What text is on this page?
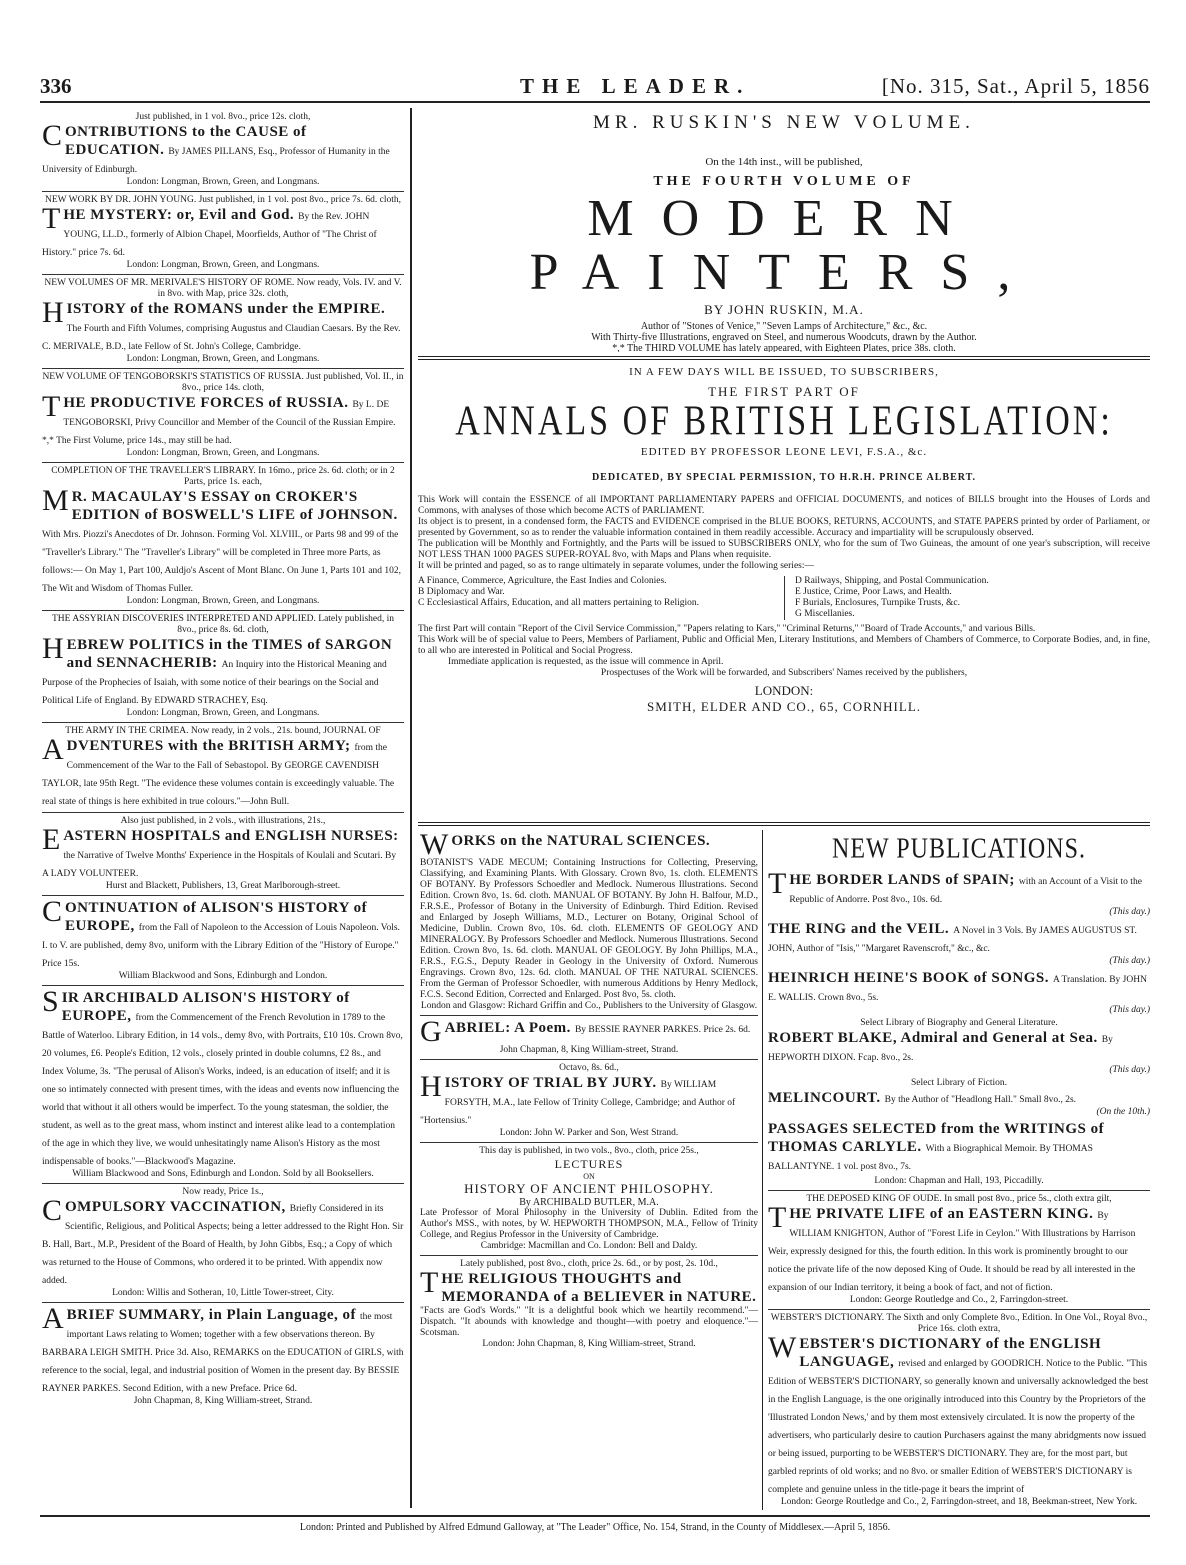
336	THE LEADER.	[No. 315, Sat., April 5, 1856

Just published, in 1 vol. 8vo., price 12s. cloth,

C ONTRIBUTIONS to the CAUSE of EDUCATION. By JAMES PILLANS, Esq., Professor of Humanity in the University of Edinburgh.

London: Longman, Brown, Green, and Longmans.

NEW WORK BY DR. JOHN YOUNG. Just published, in 1 vol. post 8vo., price 7s. 6d. cloth,

T HE MYSTERY: or, Evil and God. By the Rev. JOHN YOUNG, LL.D., formerly of Albion Chapel, Moorfields, Author of "The Christ of History." price 7s. 6d.

London: Longman, Brown, Green, and Longmans.

NEW VOLUMES OF MR. MERIVALE'S HISTORY OF ROME. Now ready, Vols. IV. and V. in 8vo. with Map, price 32s. cloth,

H ISTORY of the ROMANS under the EMPIRE. The Fourth and Fifth Volumes, comprising Augustus and Claudian Caesars. By the Rev. C. MERIVALE, B.D., late Fellow of St. John's College, Cambridge.

London: Longman, Brown, Green, and Longmans.

NEW VOLUME OF TENGOBORSKI'S STATISTICS OF RUSSIA. Just published, Vol. II., in 8vo., price 14s. cloth,

T HE PRODUCTIVE FORCES of RUSSIA. By L. DE TENGOBORSKI, Privy Councillor and Member of the Council of the Russian Empire. *,* The First Volume, price 14s., may still be had.

London: Longman, Brown, Green, and Longmans.

COMPLETION OF THE TRAVELLER'S LIBRARY. In 16mo., price 2s. 6d. cloth; or in 2 Parts, price 1s. each,

M R. MACAULAY'S ESSAY on CROKER'S EDITION of BOSWELL'S LIFE of JOHNSON. With Mrs. Piozzi's Anecdotes of Dr. Johnson. Forming Vol. XLVIII., or Parts 98 and 99 of the "Traveller's Library." The "Traveller's Library" will be completed in Three more Parts, as follows:— On May 1, Part 100, Auldjo's Ascent of Mont Blanc. On June 1, Parts 101 and 102, The Wit and Wisdom of Thomas Fuller.

London: Longman, Brown, Green, and Longmans.

THE ASSYRIAN DISCOVERIES INTERPRETED AND APPLIED. Lately published, in 8vo., price 8s. 6d. cloth,

H EBREW POLITICS in the TIMES of SARGON and SENNACHERIB: An Inquiry into the Historical Meaning and Purpose of the Prophecies of Isaiah, with some notice of their bearings on the Social and Political Life of England. By EDWARD STRACHEY, Esq.

London: Longman, Brown, Green, and Longmans.

THE ARMY IN THE CRIMEA. Now ready, in 2 vols., 21s. bound, JOURNAL OF

A DVENTURES with the BRITISH ARMY; from the Commencement of the War to the Fall of Sebastopol. By GEORGE CAVENDISH TAYLOR, late 95th Regt. "The evidence these volumes contain is exceedingly valuable. The real state of things is here exhibited in true colours."—John Bull.

Also just published, in 2 vols., with illustrations, 21s.,

E ASTERN HOSPITALS and ENGLISH NURSES: the Narrative of Twelve Months' Experience in the Hospitals of Koulali and Scutari. By A LADY VOLUNTEER.

Hurst and Blackett, Publishers, 13, Great Marlborough-street.

CONTINUATION of ALISON'S HISTORY of EUROPE, from the Fall of Napoleon to the Accession of Louis Napoleon. Vols. I. to V. are published, demy 8vo, uniform with the Library Edition of the "History of Europe." Price 15s.

William Blackwood and Sons, Edinburgh and London.

SIR ARCHIBALD ALISON'S HISTORY of EUROPE, from the Commencement of the French Revolution in 1789 to the Battle of Waterloo. Library Edition, in 14 vols., demy 8vo, with Portraits, £10 10s. Crown 8vo, 20 volumes, £6. People's Edition, 12 vols., closely printed in double columns, £2 8s., and Index Volume, 3s. "The perusal of Alison's Works, indeed, is an education of itself; and it is one so intimately connected with present times, with the ideas and events now influencing the world that without it all others would be imperfect. To the young statesman, the soldier, the student, as well as to the great mass, whom instinct and interest alike lead to a contemplation of the age in which they live, we would unhesitatingly name Alison's History as the most indispensable of books."—Blackwood's Magazine.

William Blackwood and Sons, Edinburgh and London. Sold by all Booksellers.

Now ready, Price 1s.,

C OMPULSORY VACCINATION, Briefly Considered in its Scientific, Religious, and Political Aspects; being a letter addressed to the Right Hon. Sir B. Hall, Bart., M.P., President of the Board of Health, by John Gibbs, Esq.; a Copy of which was returned to the House of Commons, who ordered it to be printed. With appendix now added.

London: Willis and Sotheran, 10, Little Tower-street, City.

ABRIEF SUMMARY, in Plain Language, of the most important Laws relating to Women; together with a few observations thereon. By BARBARA LEIGH SMITH. Price 3d. Also, REMARKS on the EDUCATION of GIRLS, with reference to the social, legal, and industrial position of Women in the present day. By BESSIE RAYNER PARKES. Second Edition, with a new Preface. Price 6d.

John Chapman, 8, King William-street, Strand.

MR. RUSKIN'S NEW VOLUME.
On the 14th inst., will be published,
THE FOURTH VOLUME OF
MODERN PAINTERS,
BY JOHN RUSKIN, M.A.
Author of "Stones of Venice," "Seven Lamps of Architecture," &c., &c.
With Thirty-five Illustrations, engraved on Steel, and numerous Woodcuts, drawn by the Author.
*,* The THIRD VOLUME has lately appeared, with Eighteen Plates, price 38s. cloth.
IN A FEW DAYS WILL BE ISSUED, TO SUBSCRIBERS,
THE FIRST PART OF
ANNALS OF BRITISH LEGISLATION:
EDITED BY PROFESSOR LEONE LEVI, F.S.A., &c.
DEDICATED, BY SPECIAL PERMISSION, TO H.R.H. PRINCE ALBERT.

This Work will contain the ESSENCE of all IMPORTANT PARLIAMENTARY PAPERS and OFFICIAL DOCUMENTS, and notices of BILLS brought into the Houses of Lords and Commons, with analyses of those which become ACTS of PARLIAMENT.

Its object is to present, in a condensed form, the FACTS and EVIDENCE comprised in the BLUE BOOKS, RETURNS, ACCOUNTS, and STATE PAPERS printed by order of Parliament, or presented by Government, so as to render the valuable information contained in them readily accessible. Accuracy and impartiality will be scrupulously observed.

The publication will be Monthly and Fortnightly, and the Parts will be issued to SUBSCRIBERS ONLY, who for the sum of Two Guineas, the amount of one year's subscription, will receive NOT LESS THAN 1000 PAGES SUPER-ROYAL 8vo, with Maps and Plans when requisite.

It will be printed and paged, so as to range ultimately in separate volumes, under the following series:—

A Finance, Commerce, Agriculture, the East Indies and Colonies.

B Diplomacy and War.

C Ecclesiastical Affairs, Education, and all matters pertaining to Religion.

D Railways, Shipping, and Postal Communication.

E Justice, Crime, Poor Laws, and Health.

F Burials, Enclosures, Turnpike Trusts, &c.

G Miscellanies.

The first Part will contain "Report of the Civil Service Commission," "Papers relating to Kars," "Criminal Returns," "Board of Trade Accounts," and various Bills.

This Work will be of special value to Peers, Members of Parliament, Public and Official Men, Literary Institutions, and Members of Chambers of Commerce, to Corporate Bodies, and, in fine, to all who are interested in Political and Social Progress.

Immediate application is requested, as the issue will commence in April.

Prospectuses of the Work will be forwarded, and Subscribers' Names received by the publishers,

LONDON:
SMITH, ELDER AND CO., 65, CORNHILL.
WORKS on the NATURAL SCIENCES.

BOTANIST'S VADE MECUM; Containing Instructions for Collecting, Preserving, Classifying, and Examining Plants. With Glossary. Crown 8vo, 1s. cloth. ELEMENTS OF BOTANY. By Professors Schoedler and Medlock. Numerous Illustrations. Second Edition. Crown 8vo, 1s. 6d. cloth. MANUAL OF BOTANY. By John H. Balfour, M.D., F.R.S.E., Professor of Botany in the University of Edinburgh. Third Edition. Revised and Enlarged by Joseph Williams, M.D., Lecturer on Botany, Original School of Medicine, Dublin. Crown 8vo, 10s. 6d. cloth. ELEMENTS OF GEOLOGY AND MINERALOGY. By Professors Schoedler and Medlock. Numerous Illustrations. Second Edition. Crown 8vo, 1s. 6d. cloth. MANUAL OF GEOLOGY. By John Phillips, M.A., F.R.S., F.G.S., Deputy Reader in Geology in the University of Oxford. Numerous Engravings. Crown 8vo, 12s. 6d. cloth. MANUAL OF THE NATURAL SCIENCES. From the German of Professor Schoedler, with numerous Additions by Henry Medlock, F.C.S. Second Edition, Corrected and Enlarged. Post 8vo, 5s. cloth.

London and Glasgow: Richard Griffin and Co., Publishers to the University of Glasgow.

GABRIEL: A Poem. By BESSIE RAYNER PARKES. Price 2s. 6d.

John Chapman, 8, King William-street, Strand.

Octavo, 8s. 6d.,

H ISTORY OF TRIAL BY JURY. By WILLIAM FORSYTH, M.A., late Fellow of Trinity College, Cambridge; and Author of "Hortensius."

London: John W. Parker and Son, West Strand.

This day is published, in two vols., 8vo., cloth, price 25s.,

LECTURES

ON

HISTORY OF ANCIENT PHILOSOPHY.

By ARCHIBALD BUTLER, M.A.

Late Professor of Moral Philosophy in the University of Dublin. Edited from the Author's MSS., with notes, by W. HEPWORTH THOMPSON, M.A., Fellow of Trinity College, and Regius Professor in the University of Cambridge.

Cambridge: Macmillan and Co. London: Bell and Daldy.

Lately published, post 8vo., cloth, price 2s. 6d., or by post, 2s. 10d.,

T HE RELIGIOUS THOUGHTS and MEMORANDA of a BELIEVER in NATURE.

"Facts are God's Words." "It is a delightful book which we heartily recommend."—Dispatch. "It abounds with knowledge and thought—with poetry and eloquence."—Scotsman.

London: John Chapman, 8, King William-street, Strand.

NEW PUBLICATIONS.
THE BORDER LANDS of SPAIN; with an Account of a Visit to the Republic of Andorre. Post 8vo., 10s. 6d.

(This day.)

THE RING and the VEIL. A Novel in 3 Vols. By JAMES AUGUSTUS ST. JOHN, Author of "Isis," "Margaret Ravenscroft," &c., &c.

(This day.)

HEINRICH HEINE'S BOOK of SONGS. A Translation. By JOHN E. WALLIS. Crown 8vo., 5s.

(This day.)

Select Library of Biography and General Literature.

ROBERT BLAKE, Admiral and General at Sea. By HEPWORTH DIXON. Fcap. 8vo., 2s.

(This day.)

Select Library of Fiction.

MELINCOURT. By the Author of "Headlong Hall." Small 8vo., 2s.

(On the 10th.)

PASSAGES SELECTED from the WRITINGS of THOMAS CARLYLE. With a Biographical Memoir. By THOMAS BALLANTYNE. 1 vol. post 8vo., 7s.

London: Chapman and Hall, 193, Piccadilly.

THE DEPOSED KING OF OUDE. In small post 8vo., price 5s., cloth extra gilt,

T HE PRIVATE LIFE of an EASTERN KING. By WILLIAM KNIGHTON, Author of "Forest Life in Ceylon." With Illustrations by Harrison Weir, expressly designed for this, the fourth edition. In this work is prominently brought to our notice the private life of the now deposed King of Oude. It should be read by all interested in the expansion of our Indian territory, it being a book of fact, and not of fiction.

London: George Routledge and Co., 2, Farringdon-street.

WEBSTER'S DICTIONARY. The Sixth and only Complete 8vo., Edition. In One Vol., Royal 8vo., Price 16s. cloth extra,

W EBSTER'S DICTIONARY of the ENGLISH LANGUAGE, revised and enlarged by GOODRICH. Notice to the Public. "This Edition of WEBSTER'S DICTIONARY, so generally known and universally acknowledged the best in the English Language, is the one originally introduced into this Country by the Proprietors of the 'Illustrated London News,' and by them most extensively circulated. It is now the property of the advertisers, who particularly desire to caution Purchasers against the many abridgments now issued or being issued, purporting to be WEBSTER'S DICTIONARY. They are, for the most part, but garbled reprints of old works; and no 8vo. or smaller Edition of WEBSTER'S DICTIONARY is complete and genuine unless in the title-page it bears the imprint of

London: George Routledge and Co., 2, Farringdon-street, and 18, Beekman-street, New York.

London: Printed and Published by Alfred Edmund Galloway, at "The Leader" Office, No. 154, Strand, in the County of Middlesex.—April 5, 1856.
